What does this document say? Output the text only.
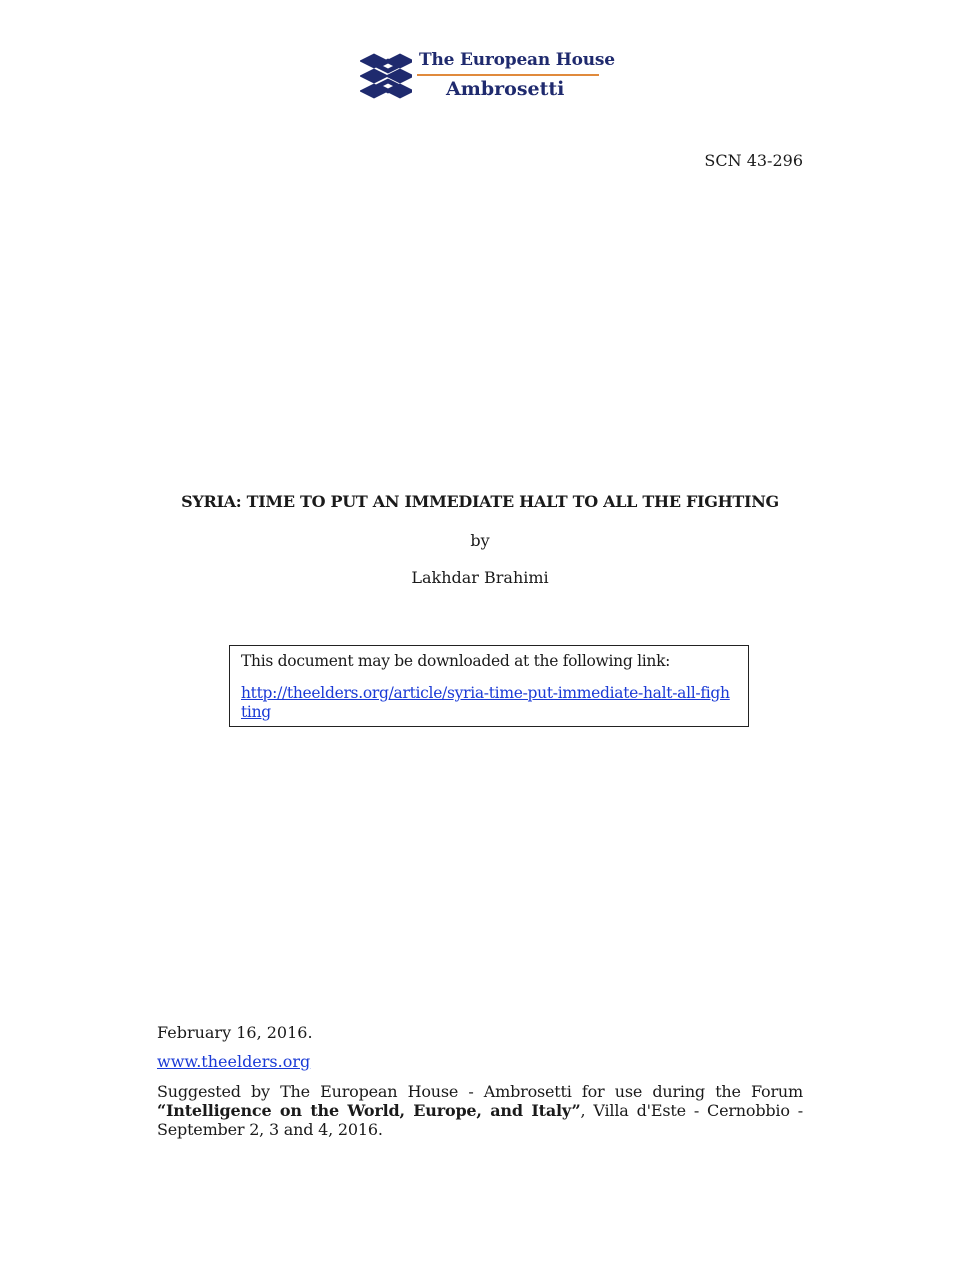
The European House
Ambrosetti
SCN 43-296
SYRIA: TIME TO PUT AN IMMEDIATE HALT TO ALL THE FIGHTING
by
Lakhdar Brahimi
This document may be downloaded at the following link:
http://theelders.org/article/syria-time-put-immediate-halt-all-fighting
February 16, 2016.
www.theelders.org
Suggested by The European House - Ambrosetti for use during the Forum “Intelligence on the World, Europe, and Italy”, Villa d'Este - Cernobbio - September 2, 3 and 4, 2016.
